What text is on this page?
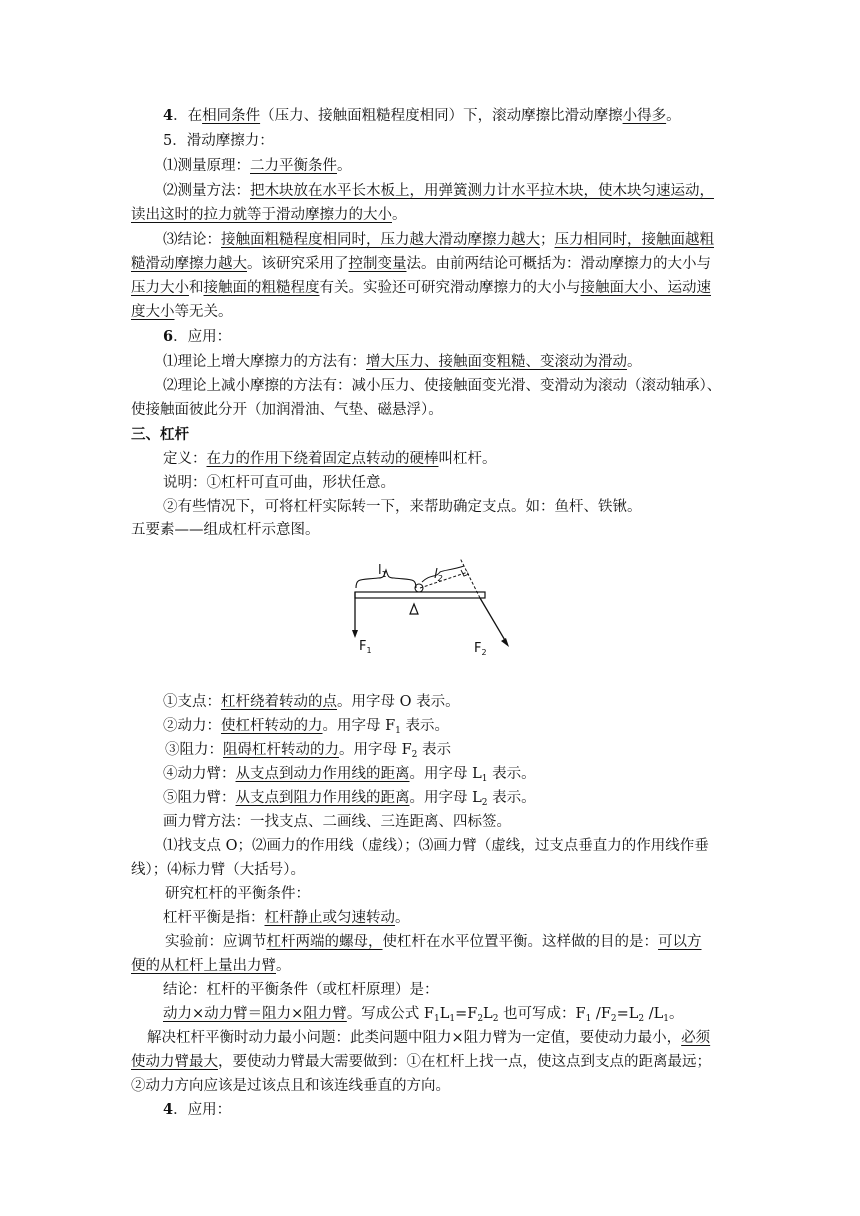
4．在相同条件（压力、接触面粗糙程度相同）下，滚动摩擦比滑动摩擦小得多。
5．滑动摩擦力：
⑴测量原理：二力平衡条件。
⑵测量方法：把木块放在水平长木板上，用弹簧测力计水平拉木块，使木块匀速运动，
读出这时的拉力就等于滑动摩擦力的大小。
⑶结论：接触面粗糙程度相同时，压力越大滑动摩擦力越大；压力相同时，接触面越粗
糙滑动摩擦力越大。该研究采用了控制变量法。由前两结论可概括为：滑动摩擦力的大小与
压力大小和接触面的粗糙程度有关。实验还可研究滑动摩擦力的大小与接触面大小、运动速
度大小等无关。
6．应用：
⑴理论上增大摩擦力的方法有：增大压力、接触面变粗糙、变滚动为滑动。
⑵理论上减小摩擦的方法有：减小压力、使接触面变光滑、变滑动为滚动（滚动轴承）、
使接触面彼此分开（加润滑油、气垫、磁悬浮）。
三、杠杆
定义：在力的作用下绕着固定点转动的硬棒叫杠杆。
说明：①杠杆可直可曲，形状任意。
②有些情况下，可将杠杆实际转一下，来帮助确定支点。如：鱼杆、铁锹。
五要素——组成杠杆示意图。
$l_1$	$l_2$
$F_1$	$F_2$
①支点：杠杆绕着转动的点。用字母 O 表示。
②动力：使杠杆转动的力。用字母 $F_1$ 表示。
③阻力：阻碍杠杆转动的力。用字母 $F_2$ 表示
④动力臂：从支点到动力作用线的距离。用字母 $L_1$ 表示。
⑤阻力臂：从支点到阻力作用线的距离。用字母 $L_2$ 表示。
画力臂方法：一找支点、二画线、三连距离、四标签。
⑴找支点 O；⑵画力的作用线（虚线）；⑶画力臂（虚线，过支点垂直力的作用线作垂
线）；⑷标力臂（大括号）。
研究杠杆的平衡条件：
杠杆平衡是指：杠杆静止或匀速转动。
实验前：应调节杠杆两端的螺母，使杠杆在水平位置平衡。这样做的目的是：可以方
便的从杠杆上量出力臂。
结论：杠杆的平衡条件（或杠杆原理）是：
动力×动力臂＝阻力×阻力臂。写成公式 $F_1L_1=F_2L_2$ 也可写成：$F_1$ $/F_2=L_2$ $/L_1$。
解决杠杆平衡时动力最小问题：此类问题中阻力×阻力臂为一定值，要使动力最小，必须
使动力臂最大，要使动力臂最大需要做到：①在杠杆上找一点，使这点到支点的距离最远；
②动力方向应该是过该点且和该连线垂直的方向。
4．应用：
